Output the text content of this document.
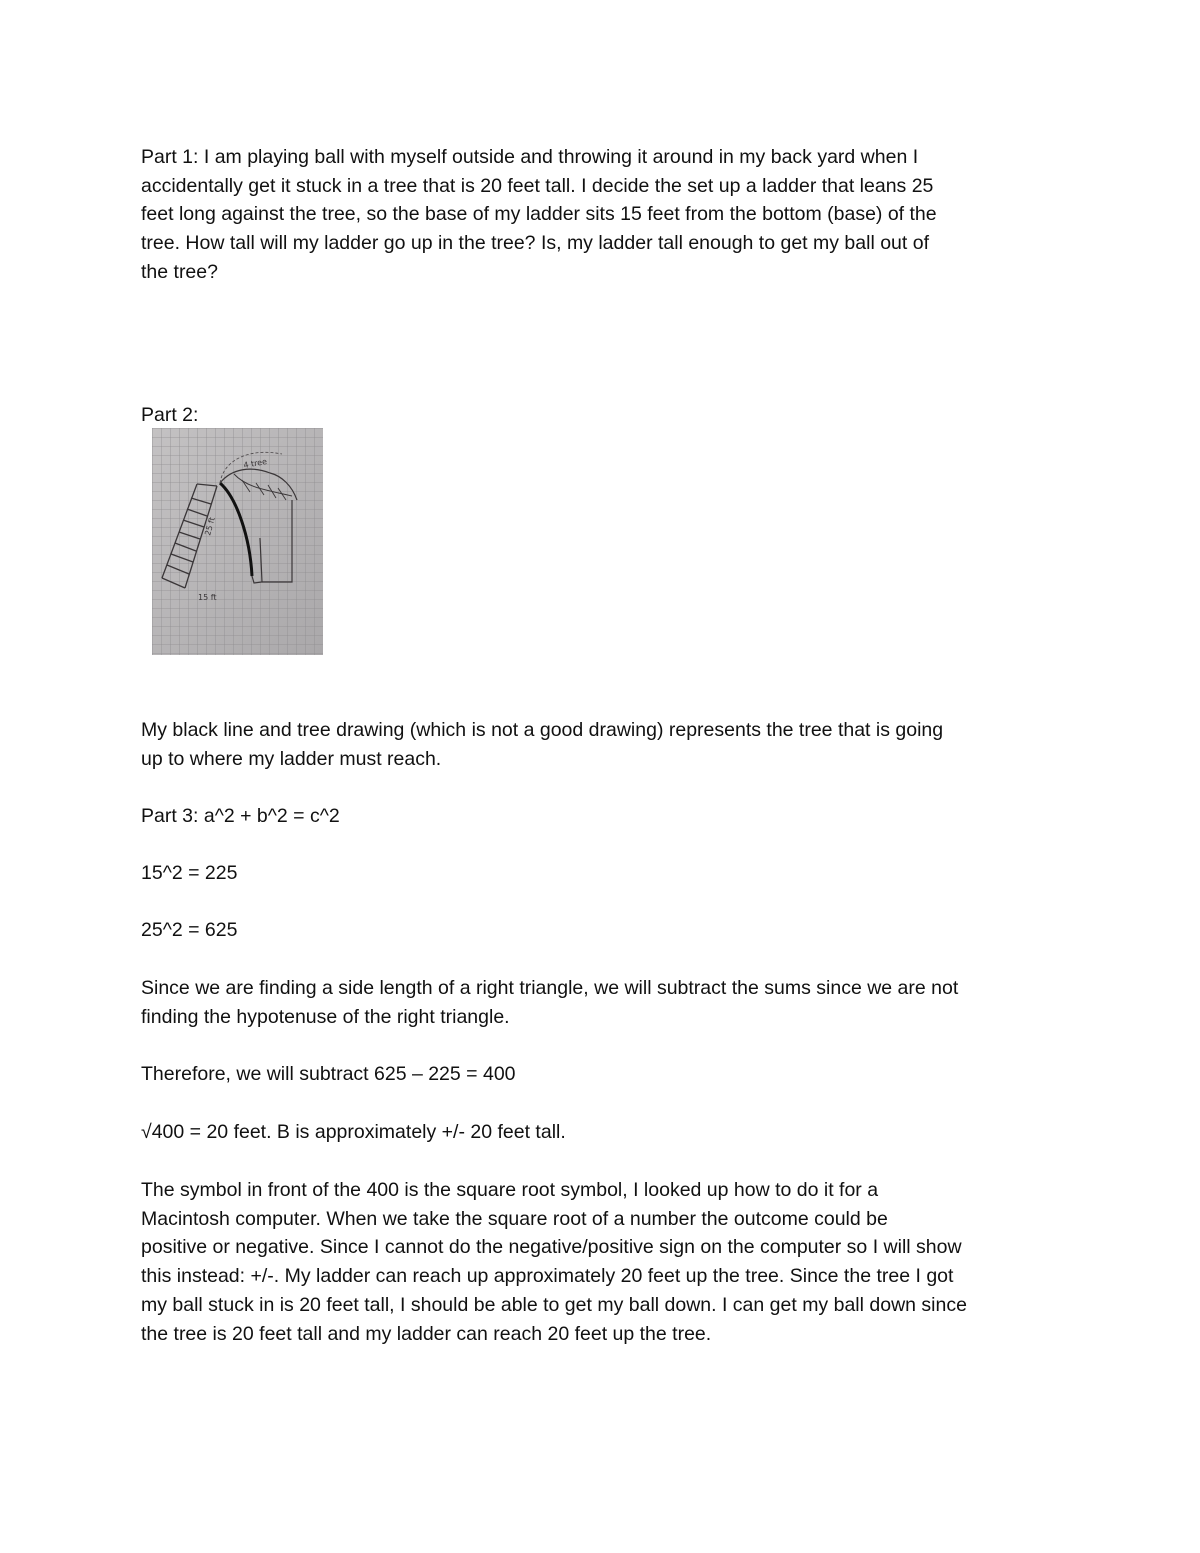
Part 1: I am playing ball with myself outside and throwing it around in my back yard when I
accidentally get it stuck in a tree that is 20 feet tall. I decide the set up a ladder that leans 25
feet long against the tree, so the base of my ladder sits 15 feet from the bottom (base) of the
tree. How tall will my ladder go up in the tree? Is, my ladder tall enough to get my ball out of
the tree?

Part 2:

4 tree
25 ft
15 ft

My black line and tree drawing (which is not a good drawing) represents the tree that is going
up to where my ladder must reach.

Part 3: a^2 + b^2 = c^2

15^2 = 225

25^2 = 625

Since we are finding a side length of a right triangle, we will subtract the sums since we are not
finding the hypotenuse of the right triangle.

Therefore, we will subtract 625 – 225 = 400

√400 = 20 feet. B is approximately +/- 20 feet tall.

The symbol in front of the 400 is the square root symbol, I looked up how to do it for a
Macintosh computer. When we take the square root of a number the outcome could be
positive or negative. Since I cannot do the negative/positive sign on the computer so I will show
this instead: +/-. My ladder can reach up approximately 20 feet up the tree. Since the tree I got
my ball stuck in is 20 feet tall, I should be able to get my ball down. I can get my ball down since
the tree is 20 feet tall and my ladder can reach 20 feet up the tree.
